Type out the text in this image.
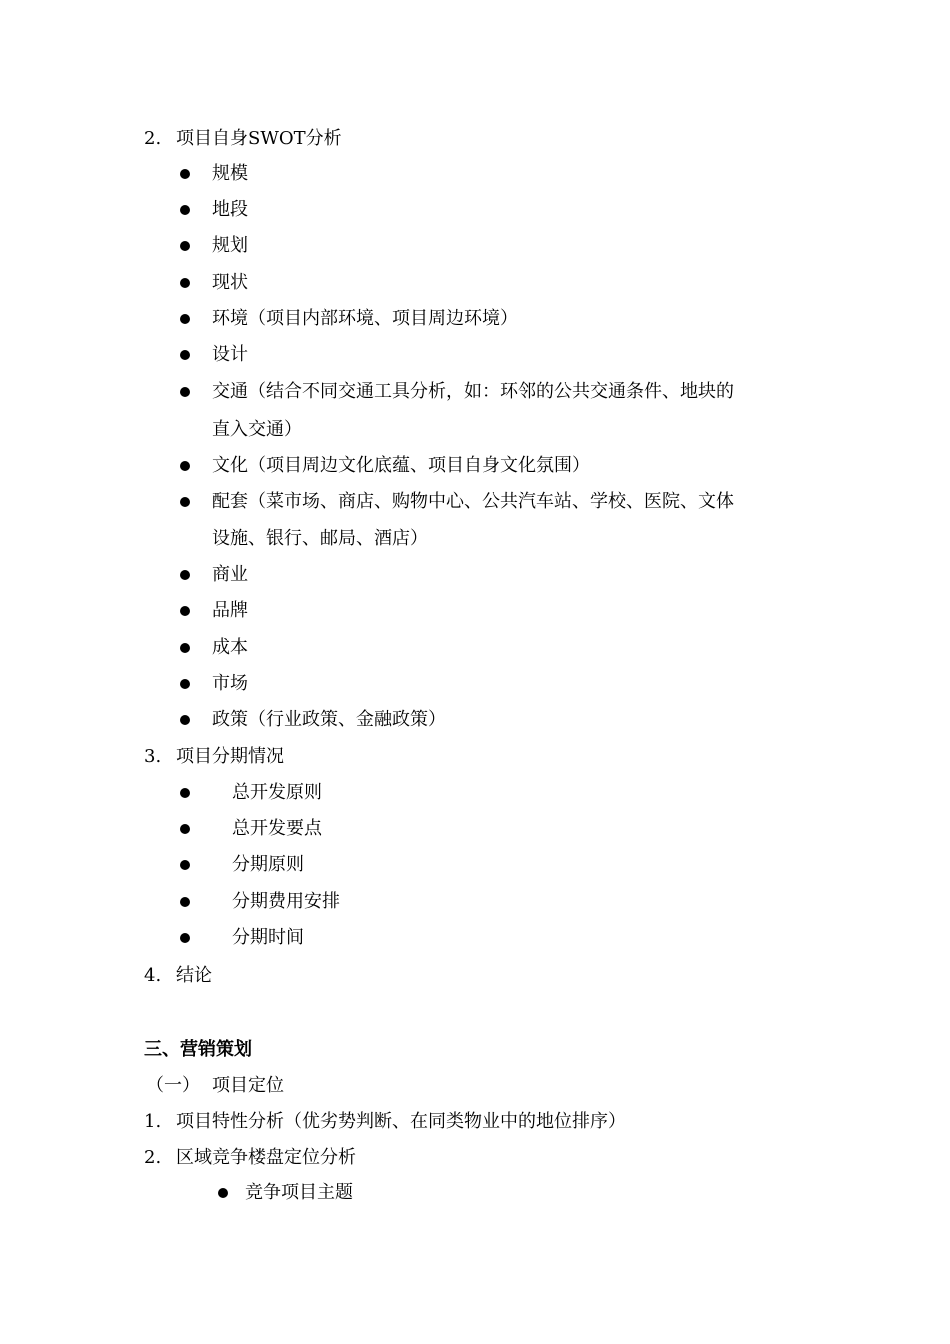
2. 项目自身SWOT分析
规模
地段
规划
现状
环境（项目内部环境、项目周边环境）
设计
交通（结合不同交通工具分析，如：环邻的公共交通条件、地块的
直入交通）
文化（项目周边文化底蕴、项目自身文化氛围）
配套（菜市场、商店、购物中心、公共汽车站、学校、医院、文体
设施、银行、邮局、酒店）
商业
品牌
成本
市场
政策（行业政策、金融政策）
3. 项目分期情况
总开发原则
总开发要点
分期原则
分期费用安排
分期时间
4. 结论
三、营销策划
（一） 项目定位
1. 项目特性分析（优劣势判断、在同类物业中的地位排序）
2. 区域竞争楼盘定位分析
竞争项目主题
